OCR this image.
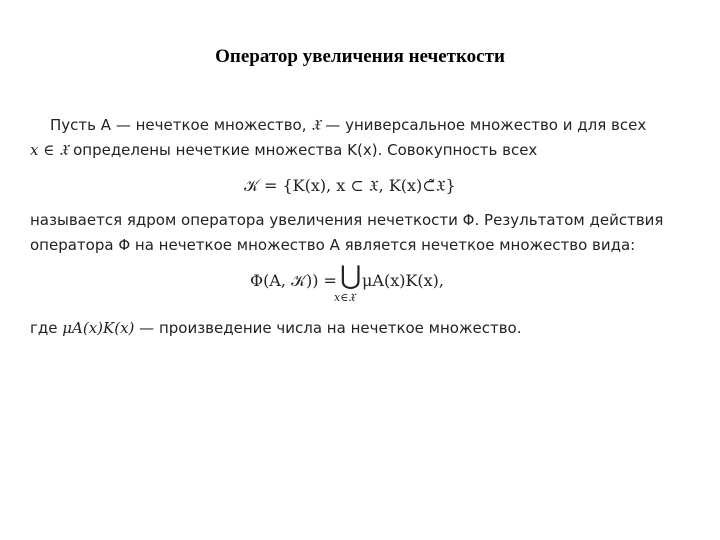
Оператор увеличения нечеткости
Пусть A — нечеткое множество, 𝔛 — универсальное множество и для всех
x ∈ 𝔛 определены нечеткие множества K(x). Совокупность всех
𝒦 = {K(x), x ⊂ 𝔛, K(x)⊂̃𝔛}
называется ядром оператора увеличения нечеткости Φ. Результатом действия
оператора Φ на нечеткое множество A является нечеткое множество вида:
Φ(A, 𝒦)) = ⋃
x∈𝔛
μA(x)K(x),
где μA(x)K(x) — произведение числа на нечеткое множество.
